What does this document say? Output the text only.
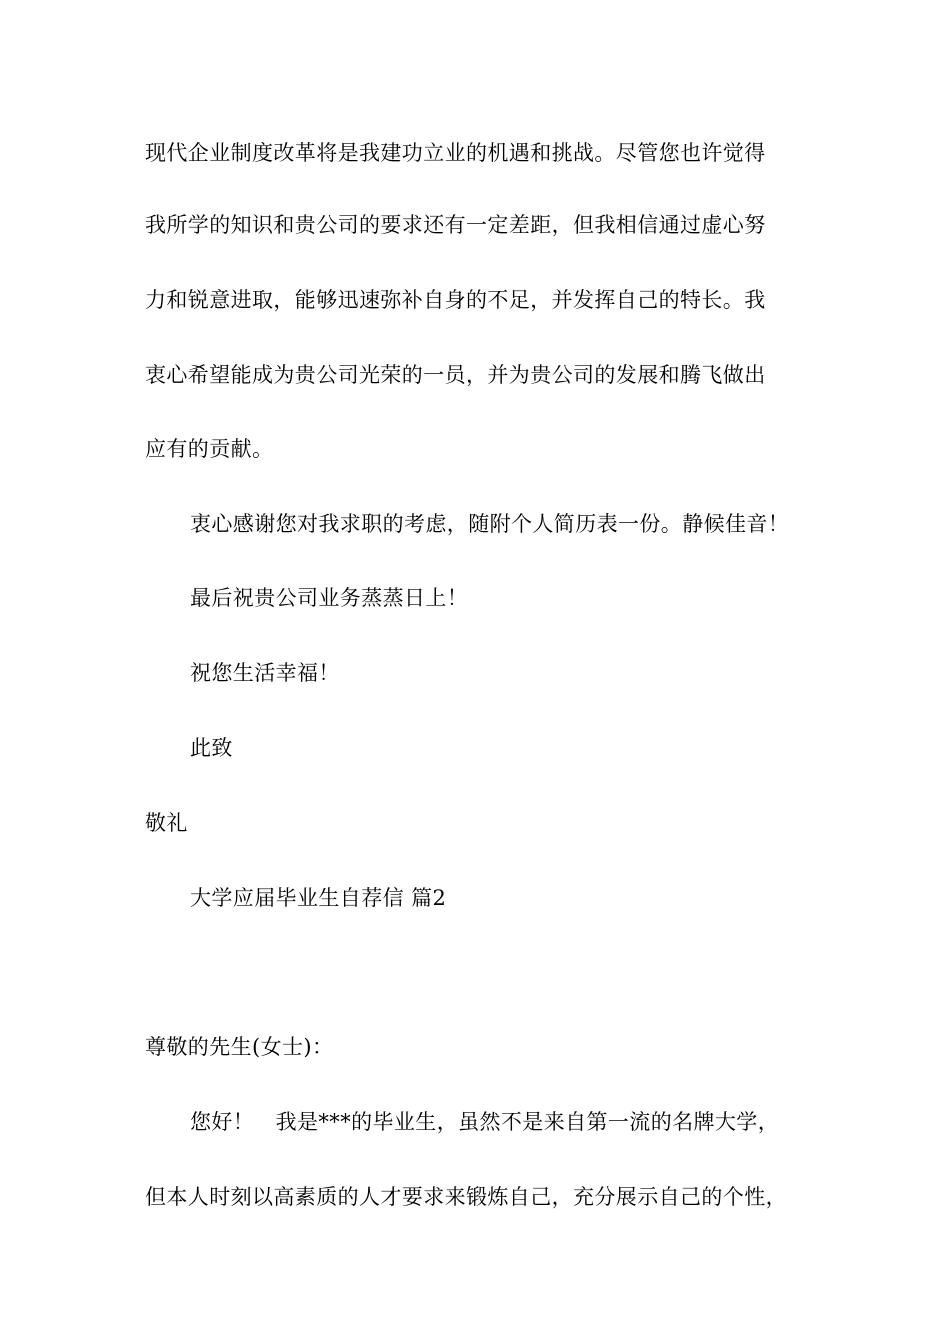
现代企业制度改革将是我建功立业的机遇和挑战。尽管您也许觉得
我所学的知识和贵公司的要求还有一定差距，但我相信通过虚心努
力和锐意进取，能够迅速弥补自身的不足，并发挥自己的特长。我
衷心希望能成为贵公司光荣的一员，并为贵公司的发展和腾飞做出
应有的贡献。
衷心感谢您对我求职的考虑，随附个人简历表一份。静候佳音！
最后祝贵公司业务蒸蒸日上！
祝您生活幸福！
此致
敬礼
大学应届毕业生自荐信 篇2
尊敬的先生(女士)：
您好！　我是***的毕业生，虽然不是来自第一流的名牌大学，
但本人时刻以高素质的人才要求来锻炼自己，充分展示自己的个性，
